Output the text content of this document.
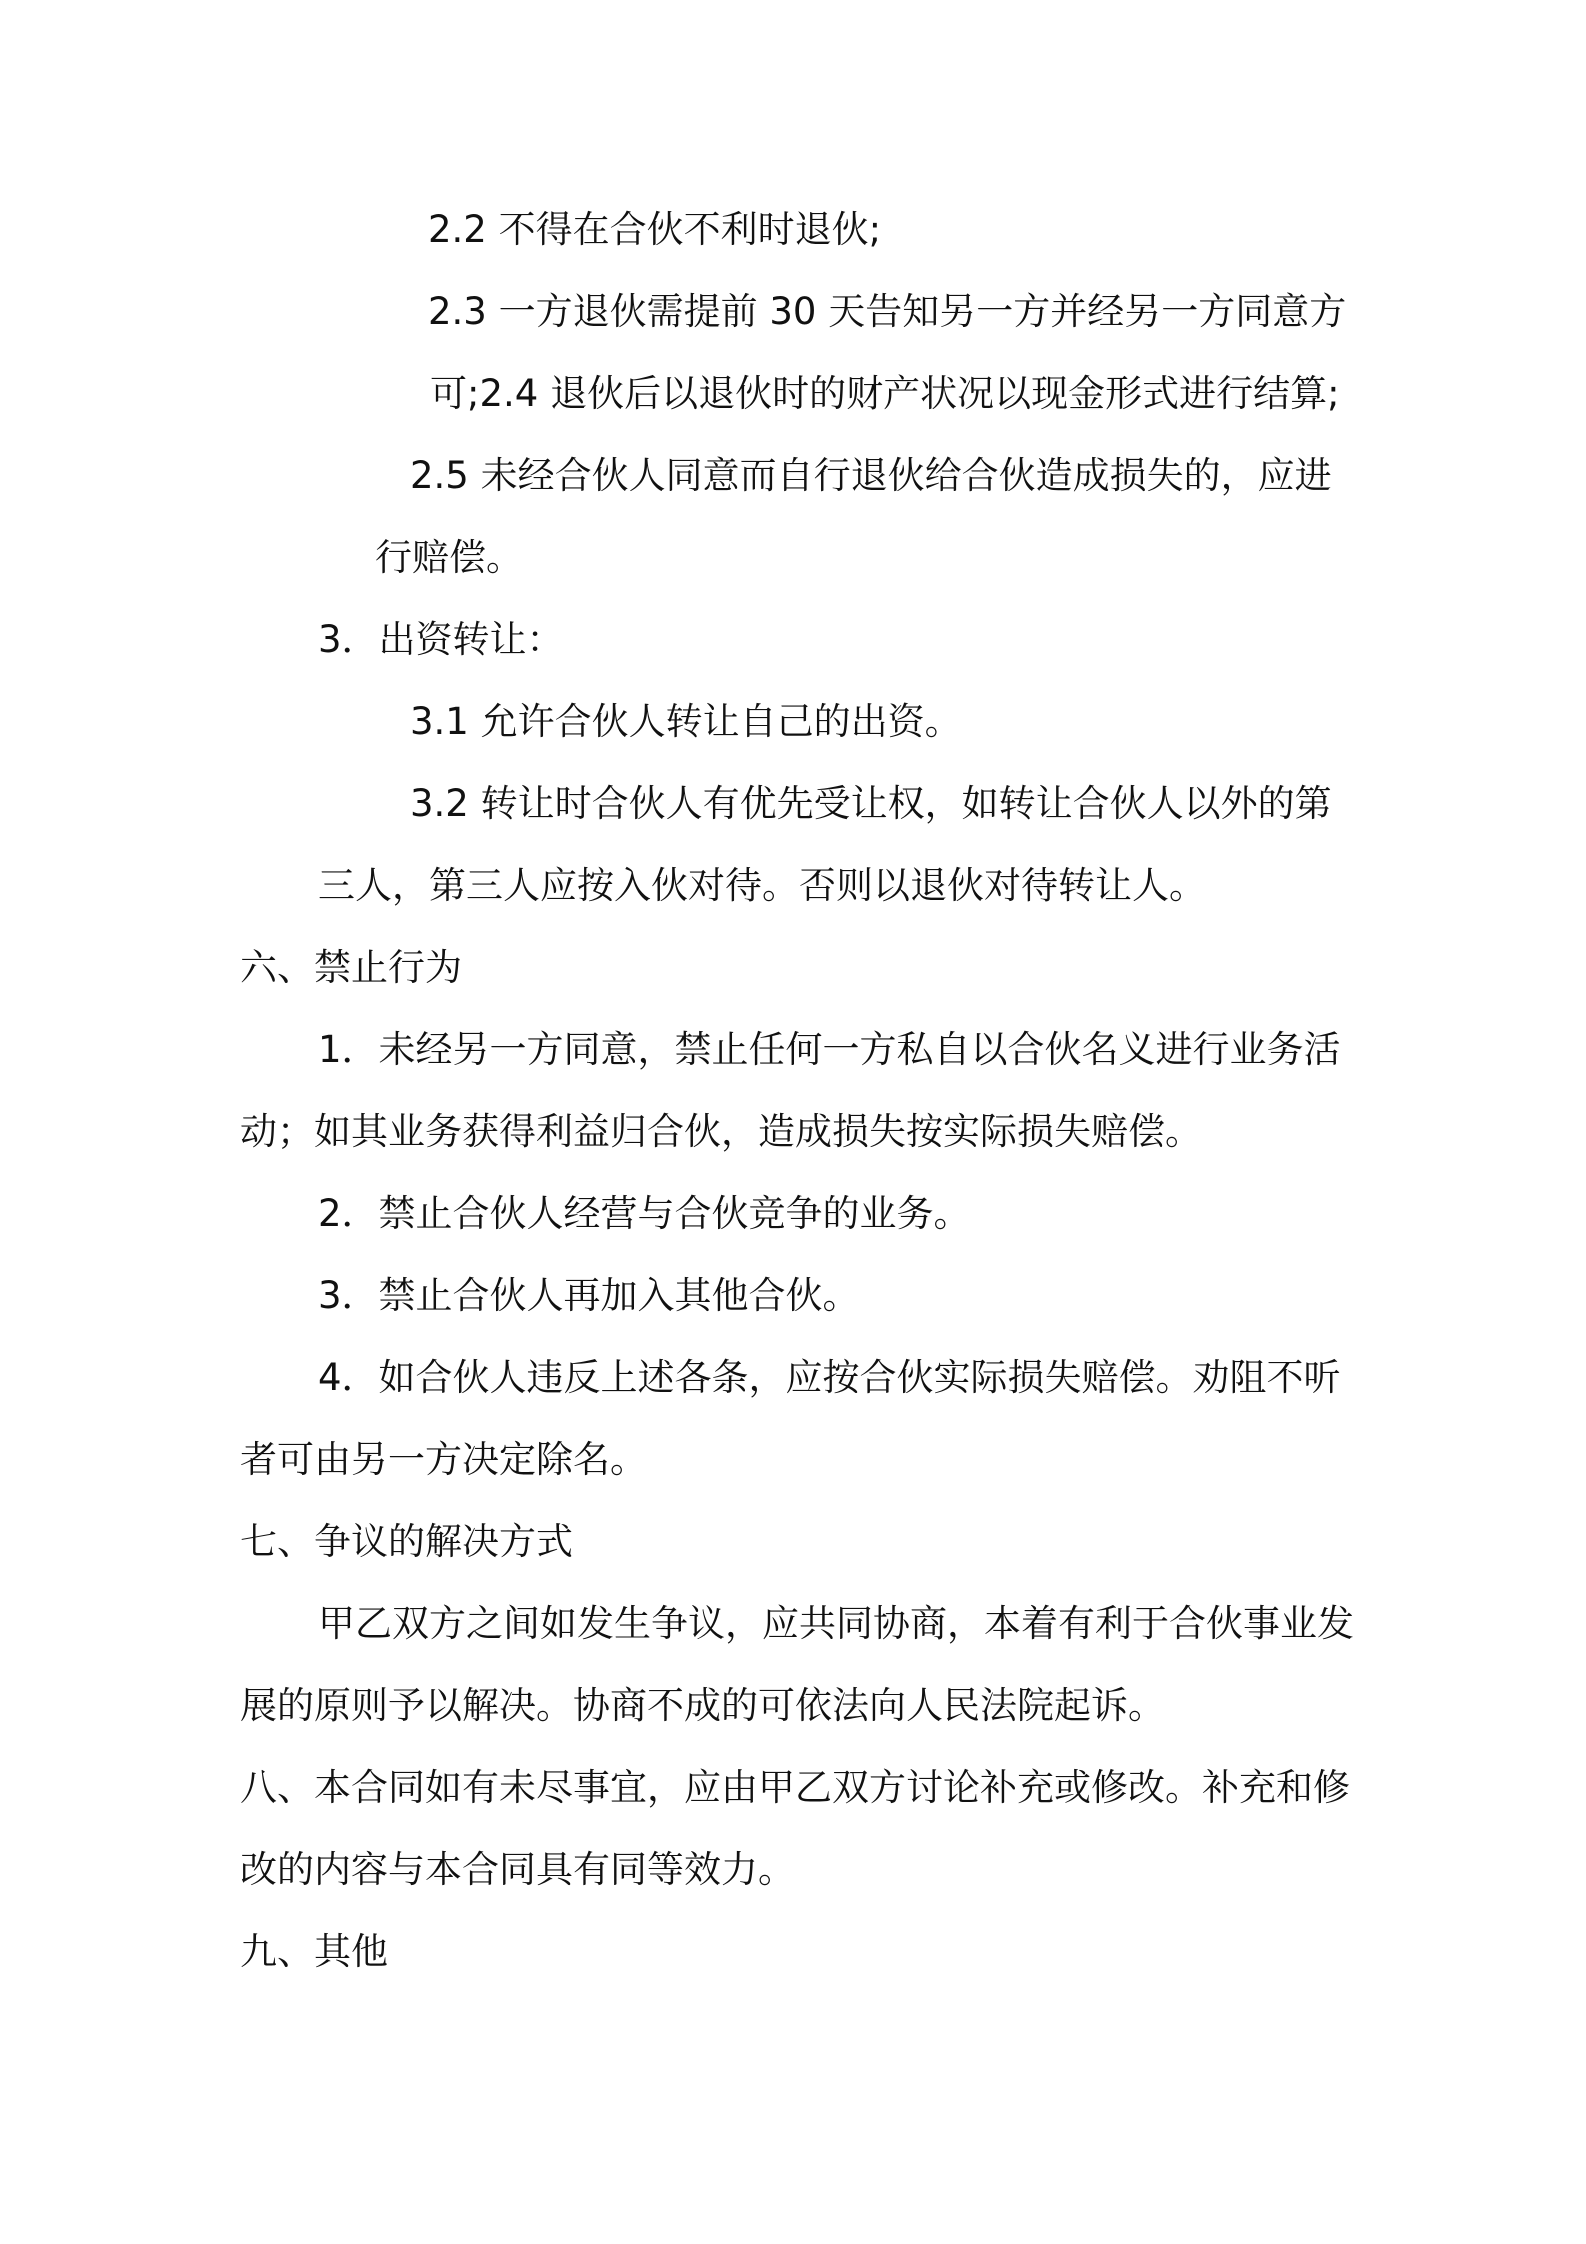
2.2 不得在合伙不利时退伙;
2.3 一方退伙需提前 30 天告知另一方并经另一方同意方
可;2.4 退伙后以退伙时的财产状况以现金形式进行结算;
2.5 未经合伙人同意而自行退伙给合伙造成损失的，应进
行赔偿。
3．出资转让：
3.1 允许合伙人转让自己的出资。
3.2 转让时合伙人有优先受让权，如转让合伙人以外的第
三人，第三人应按入伙对待。否则以退伙对待转让人。
六、禁止行为
1．未经另一方同意，禁止任何一方私自以合伙名义进行业务活
动；如其业务获得利益归合伙，造成损失按实际损失赔偿。
2．禁止合伙人经营与合伙竞争的业务。
3．禁止合伙人再加入其他合伙。
4．如合伙人违反上述各条，应按合伙实际损失赔偿。劝阻不听
者可由另一方决定除名。
七、争议的解决方式
甲乙双方之间如发生争议，应共同协商，本着有利于合伙事业发
展的原则予以解决。协商不成的可依法向人民法院起诉。
八、本合同如有未尽事宜，应由甲乙双方讨论补充或修改。补充和修
改的内容与本合同具有同等效力。
九、其他
